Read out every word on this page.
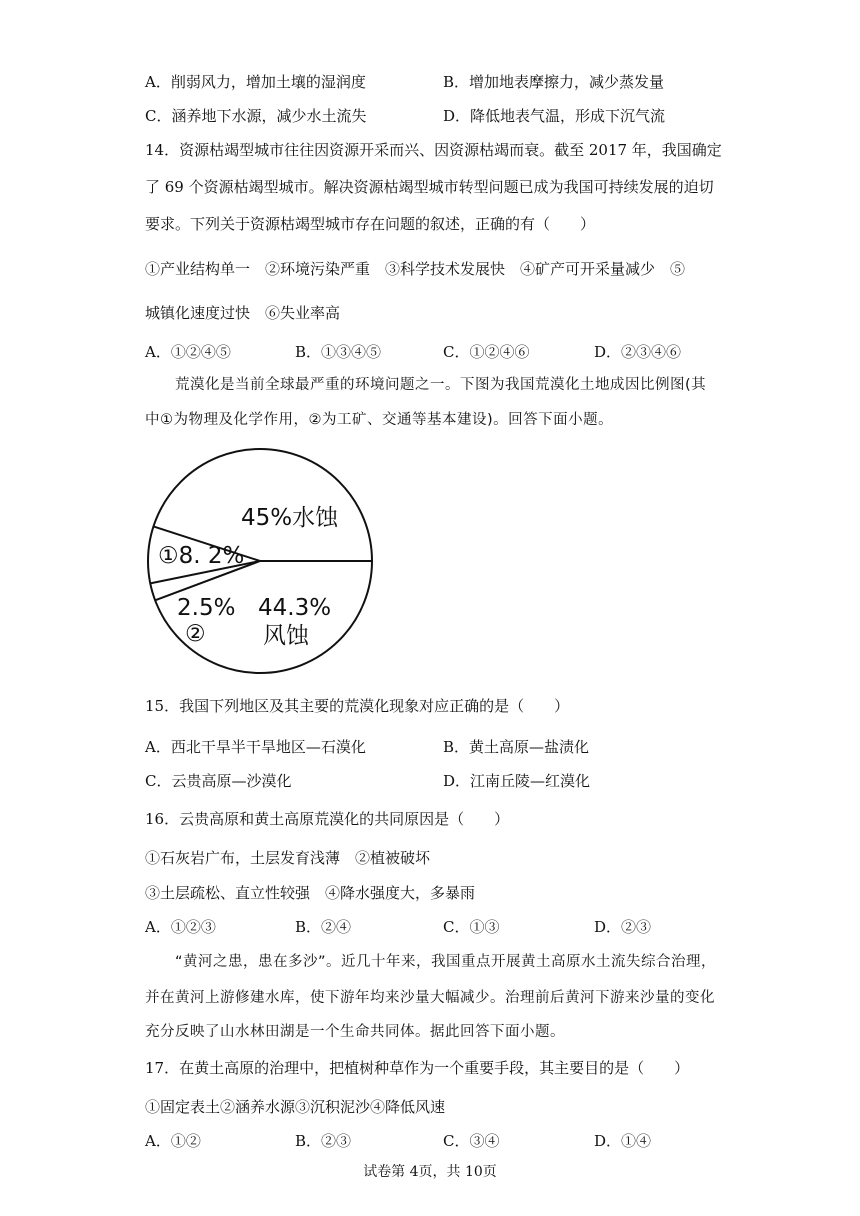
A．削弱风力，增加土壤的湿润度	B．增加地表摩擦力，减少蒸发量
C．涵养地下水源，减少水土流失	D．降低地表气温，形成下沉气流
14．资源枯竭型城市往往因资源开采而兴、因资源枯竭而衰。截至 2017 年，我国确定
了 69 个资源枯竭型城市。解决资源枯竭型城市转型问题已成为我国可持续发展的迫切
要求。下列关于资源枯竭型城市存在问题的叙述，正确的有（　　）
①产业结构单一　②环境污染严重　③科学技术发展快　④矿产可开采量减少　⑤
城镇化速度过快　⑥失业率高
A．①②④⑤	B．①③④⑤	C．①②④⑥	D．②③④⑥
荒漠化是当前全球最严重的环境问题之一。下图为我国荒漠化土地成因比例图(其
中①为物理及化学作用，②为工矿、交通等基本建设)。回答下面小题。
45%水蚀
44.3%
风蚀
2.5%
②
①8. 2%
15．我国下列地区及其主要的荒漠化现象对应正确的是（　　）
A．西北干旱半干旱地区—石漠化	B．黄土高原—盐渍化
C．云贵高原—沙漠化	D．江南丘陵—红漠化
16．云贵高原和黄土高原荒漠化的共同原因是（　　）
①石灰岩广布，土层发育浅薄　②植被破坏
③土层疏松、直立性较强　④降水强度大，多暴雨
A．①②③	B．②④	C．①③	D．②③
“黄河之患，患在多沙”。近几十年来，我国重点开展黄土高原水土流失综合治理，
并在黄河上游修建水库，使下游年均来沙量大幅减少。治理前后黄河下游来沙量的变化
充分反映了山水林田湖是一个生命共同体。据此回答下面小题。
17．在黄土高原的治理中，把植树种草作为一个重要手段，其主要目的是（　　）
①固定表土②涵养水源③沉积泥沙④降低风速
A．①②	B．②③	C．③④	D．①④
试卷第 4页，共 10页
